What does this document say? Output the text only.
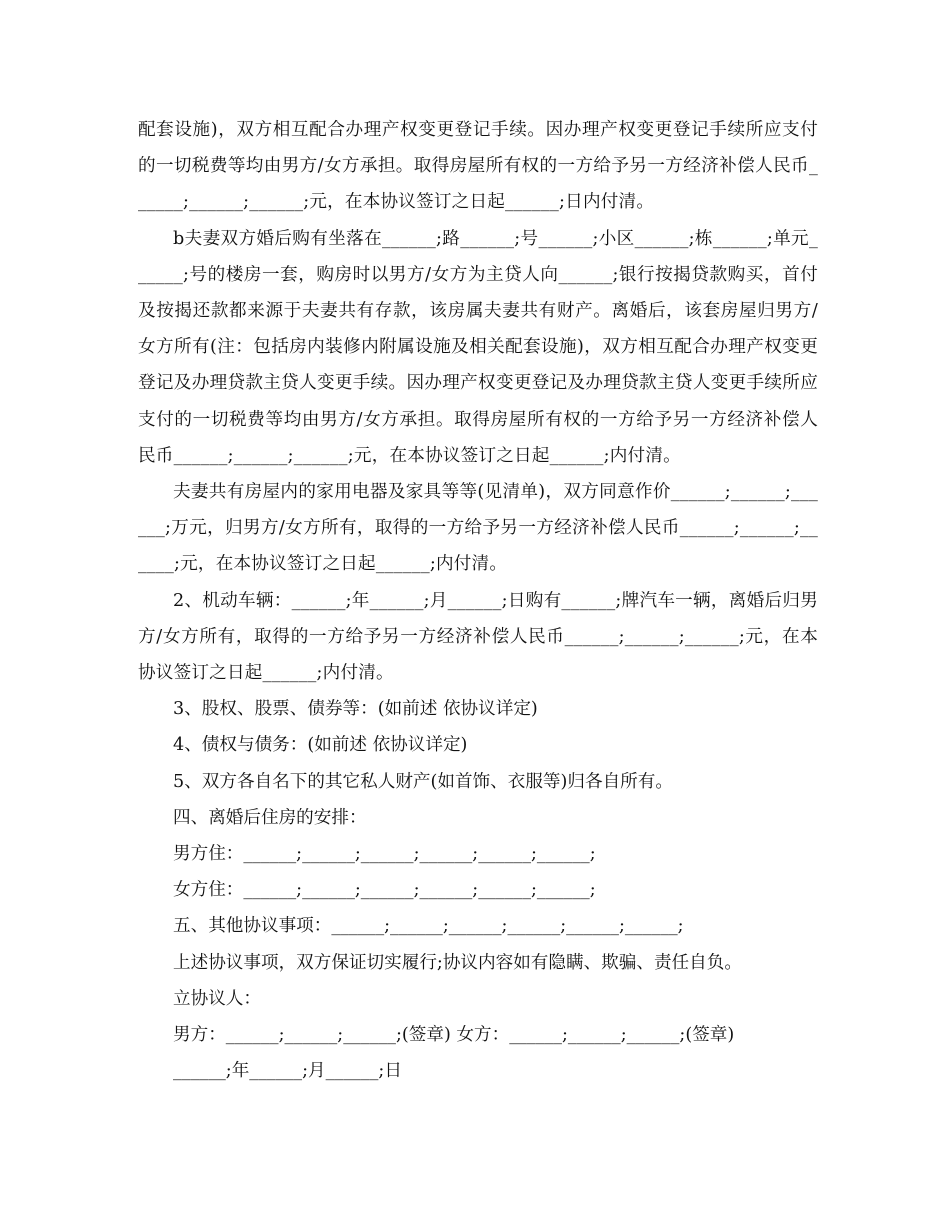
配套设施)，双方相互配合办理产权变更登记手续。因办理产权变更登记手续所应支付的一切税费等均由男方/女方承担。取得房屋所有权的一方给予另一方经济补偿人民币______;______;______;元，在本协议签订之日起______;日内付清。

b夫妻双方婚后购有坐落在______;路______;号______;小区______;栋______;单元______;号的楼房一套，购房时以男方/女方为主贷人向______;银行按揭贷款购买，首付及按揭还款都来源于夫妻共有存款，该房属夫妻共有财产。离婚后，该套房屋归男方/女方所有(注：包括房内装修内附属设施及相关配套设施)，双方相互配合办理产权变更登记及办理贷款主贷人变更手续。因办理产权变更登记及办理贷款主贷人变更手续所应支付的一切税费等均由男方/女方承担。取得房屋所有权的一方给予另一方经济补偿人民币______;______;______;元，在本协议签订之日起______;内付清。

夫妻共有房屋内的家用电器及家具等等(见清单)，双方同意作价______;______;______;万元，归男方/女方所有，取得的一方给予另一方经济补偿人民币______;______;______;元，在本协议签订之日起______;内付清。

2、机动车辆：______;年______;月______;日购有______;牌汽车一辆，离婚后归男方/女方所有，取得的一方给予另一方经济补偿人民币______;______;______;元，在本协议签订之日起______;内付清。

3、股权、股票、债券等：(如前述 依协议详定)

4、债权与债务：(如前述 依协议详定)

5、双方各自名下的其它私人财产(如首饰、衣服等)归各自所有。

四、离婚后住房的安排：

男方住：______;______;______;______;______;______;

女方住：______;______;______;______;______;______;

五、其他协议事项：______;______;______;______;______;______;

上述协议事项，双方保证切实履行;协议内容如有隐瞒、欺骗、责任自负。

立协议人：

男方：______;______;______;(签章) 女方：______;______;______;(签章)

______;年______;月______;日
